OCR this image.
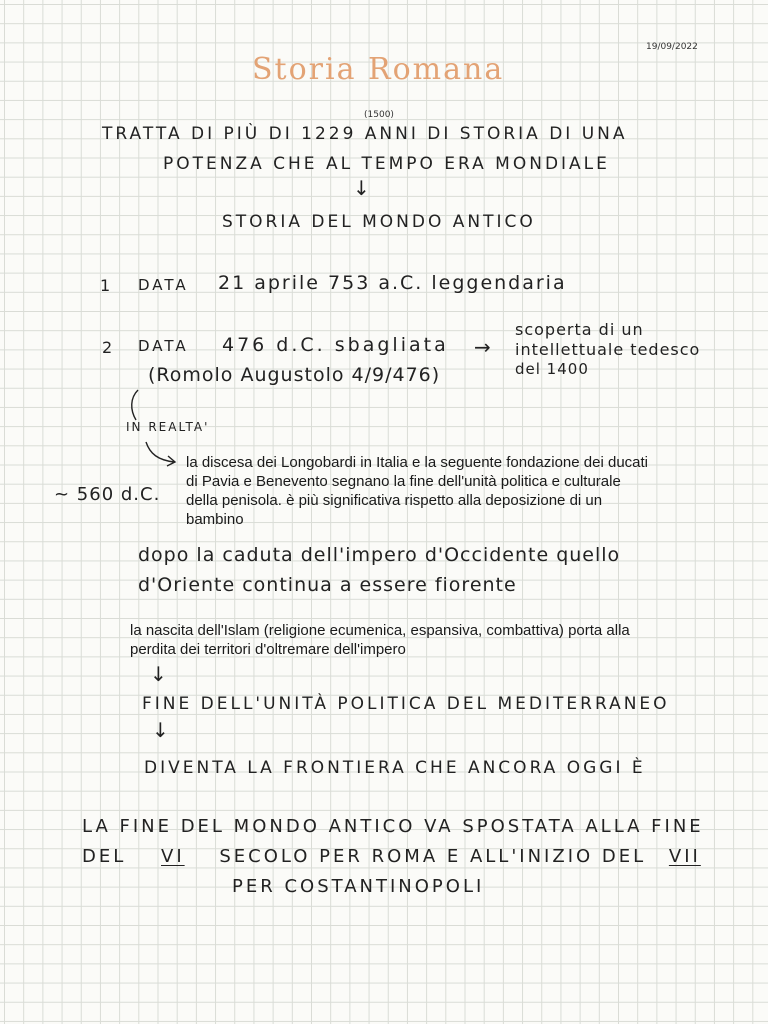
19/09/2022
Storia Romana
(1500)
TRATTA DI PIÙ DI 1229 ANNI DI STORIA DI UNA
POTENZA CHE AL TEMPO ERA MONDIALE
↓
STORIA DEL MONDO ANTICO
1 DATA 21 aprile 753 a.C. leggendaria
2 DATA 476 d.C. sbagliata →
scoperta di un
intellettuale tedesco
del 1400
(Romolo Augustolo 4/9/476)
IN REALTA'
~ 560 d.C.
la discesa dei Longobardi in Italia e la seguente fondazione dei ducati di Pavia e Benevento segnano la fine dell'unità politica e culturale della penisola. è più significativa rispetto alla deposizione di un bambino
dopo la caduta dell'impero d'Occidente quello
d'Oriente continua a essere fiorente
la nascita dell'Islam (religione ecumenica, espansiva, combattiva) porta alla perdita dei territori d'oltremare dell'impero
↓
FINE DELL'UNITÀ POLITICA DEL MEDITERRANEO
↓
DIVENTA LA FRONTIERA CHE ANCORA OGGI È
LA FINE DEL MONDO ANTICO VA SPOSTATA ALLA FINE
DEL VI SECOLO PER ROMA E ALL'INIZIO DEL VII
PER COSTANTINOPOLI
